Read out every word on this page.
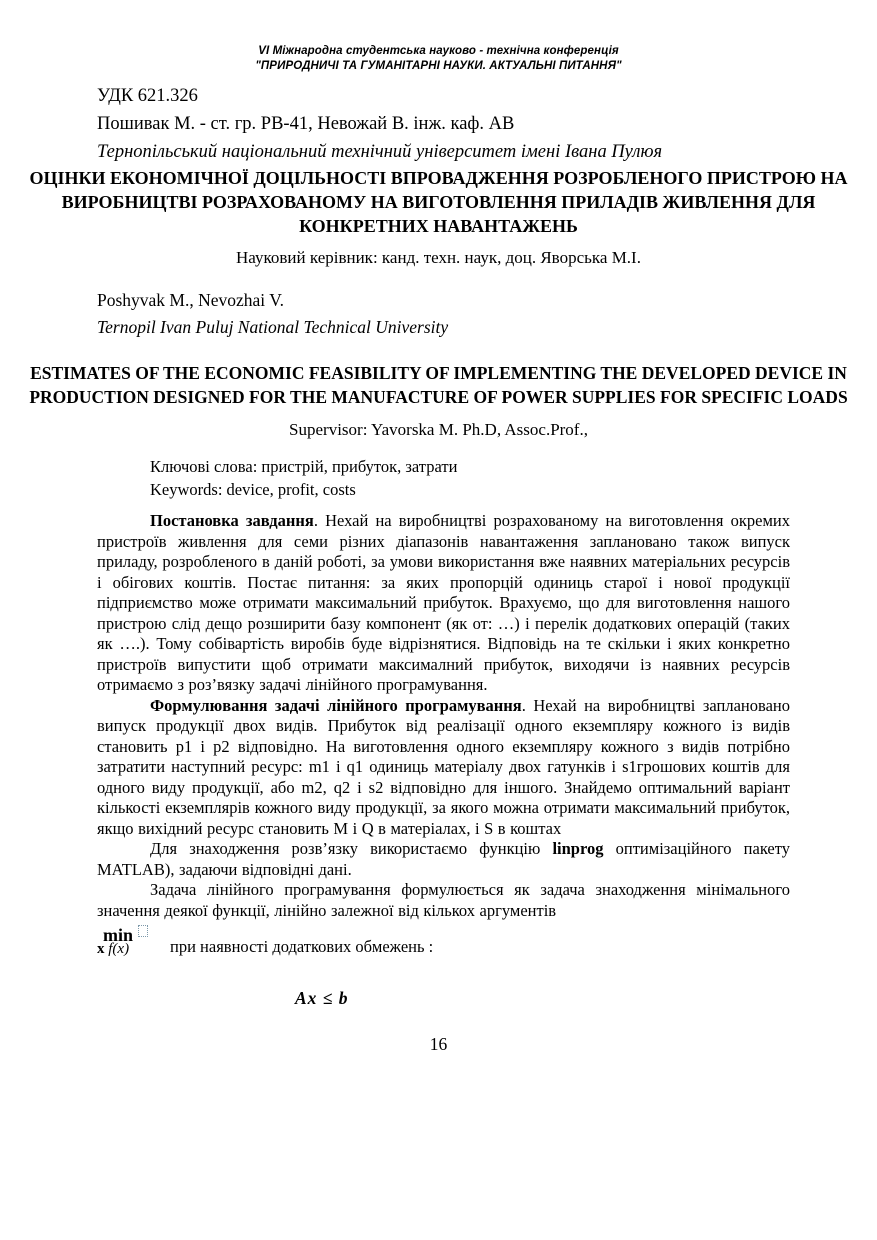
VI Міжнародна студентська науково - технічна конференція
"ПРИРОДНИЧІ ТА ГУМАНІТАРНІ НАУКИ. АКТУАЛЬНІ ПИТАННЯ"
УДК 621.326
Пошивак М. - ст. гр. РВ-41, Невожай В. інж. каф. АВ
Тернопільський національний технічний університет імені Івана Пулюя
ОЦІНКИ ЕКОНОМІЧНОЇ ДОЦІЛЬНОСТІ ВПРОВАДЖЕННЯ РОЗРОБЛЕНОГО ПРИСТРОЮ НА ВИРОБНИЦТВІ РОЗРАХОВАНОМУ НА ВИГОТОВЛЕННЯ ПРИЛАДІВ ЖИВЛЕННЯ ДЛЯ КОНКРЕТНИХ НАВАНТАЖЕНЬ
Науковий керівник: канд. техн. наук, доц. Яворська М.І.
Poshyvak M., Nevozhai V.
Ternopil Ivan Puluj National Technical University
ESTIMATES OF THE ECONOMIC FEASIBILITY OF IMPLEMENTING THE DEVELOPED DEVICE IN PRODUCTION DESIGNED FOR THE MANUFACTURE OF POWER SUPPLIES FOR SPECIFIC LOADS
Supervisor: Yavorska M. Ph.D, Assoc.Prof.,
Ключові слова: пристрій, прибуток, затрати
Keywords: device, profit, costs

Постановка завдання. Нехай на виробництві розрахованому на виготовлення окремих пристроїв живлення для семи різних діапазонів навантаження заплановано також випуск приладу, розробленого в даній роботі, за умови використання вже наявних матеріальних ресурсів і обігових коштів. Постає питання: за яких пропорцій одиниць старої і нової продукції підприємство може отримати максимальний прибуток. Врахуємо, що для виготовлення нашого пристрою слід дещо розширити базу компонент (як от: …) і перелік додаткових операцій (таких як ….). Тому собівартість виробів буде відрізнятися. Відповідь на те скільки і яких конкретно пристроїв випустити щоб отримати максималний прибуток, виходячи із наявних ресурсів отримаємо з роз’вязку задачі лінійного програмування.

Формулювання задачі лінійного програмування. Нехай на виробництві заплановано випуск продукції двох видів. Прибуток від реалізації одного екземпляру кожного із видів становить p1 і p2 відповідно. На виготовлення одного екземпляру кожного з видів потрібно затратити наступний ресурс: m1 і q1 одиниць матеріалу двох гатунків і s1грошових коштів для одного виду продукції, або m2, q2 і s2 відповідно для іншого. Знайдемо оптимальний варіант кількості екземплярів кожного виду продукції, за якого можна отримати максимальний прибуток, якщо вихідний ресурс становить M і Q в матеріалах, і S в коштах

Для знаходження розв’язку використаємо функцію linprog оптимізаційного пакету MATLAB), задаючи відповідні дані.

Задача лінійного програмування формулюється як задача знаходження мінімального значення деякої функції, лінійно залежної від кількох аргументів

min
x f(x)	при наявності додаткових обмежень :
Ax ≤ b
16
